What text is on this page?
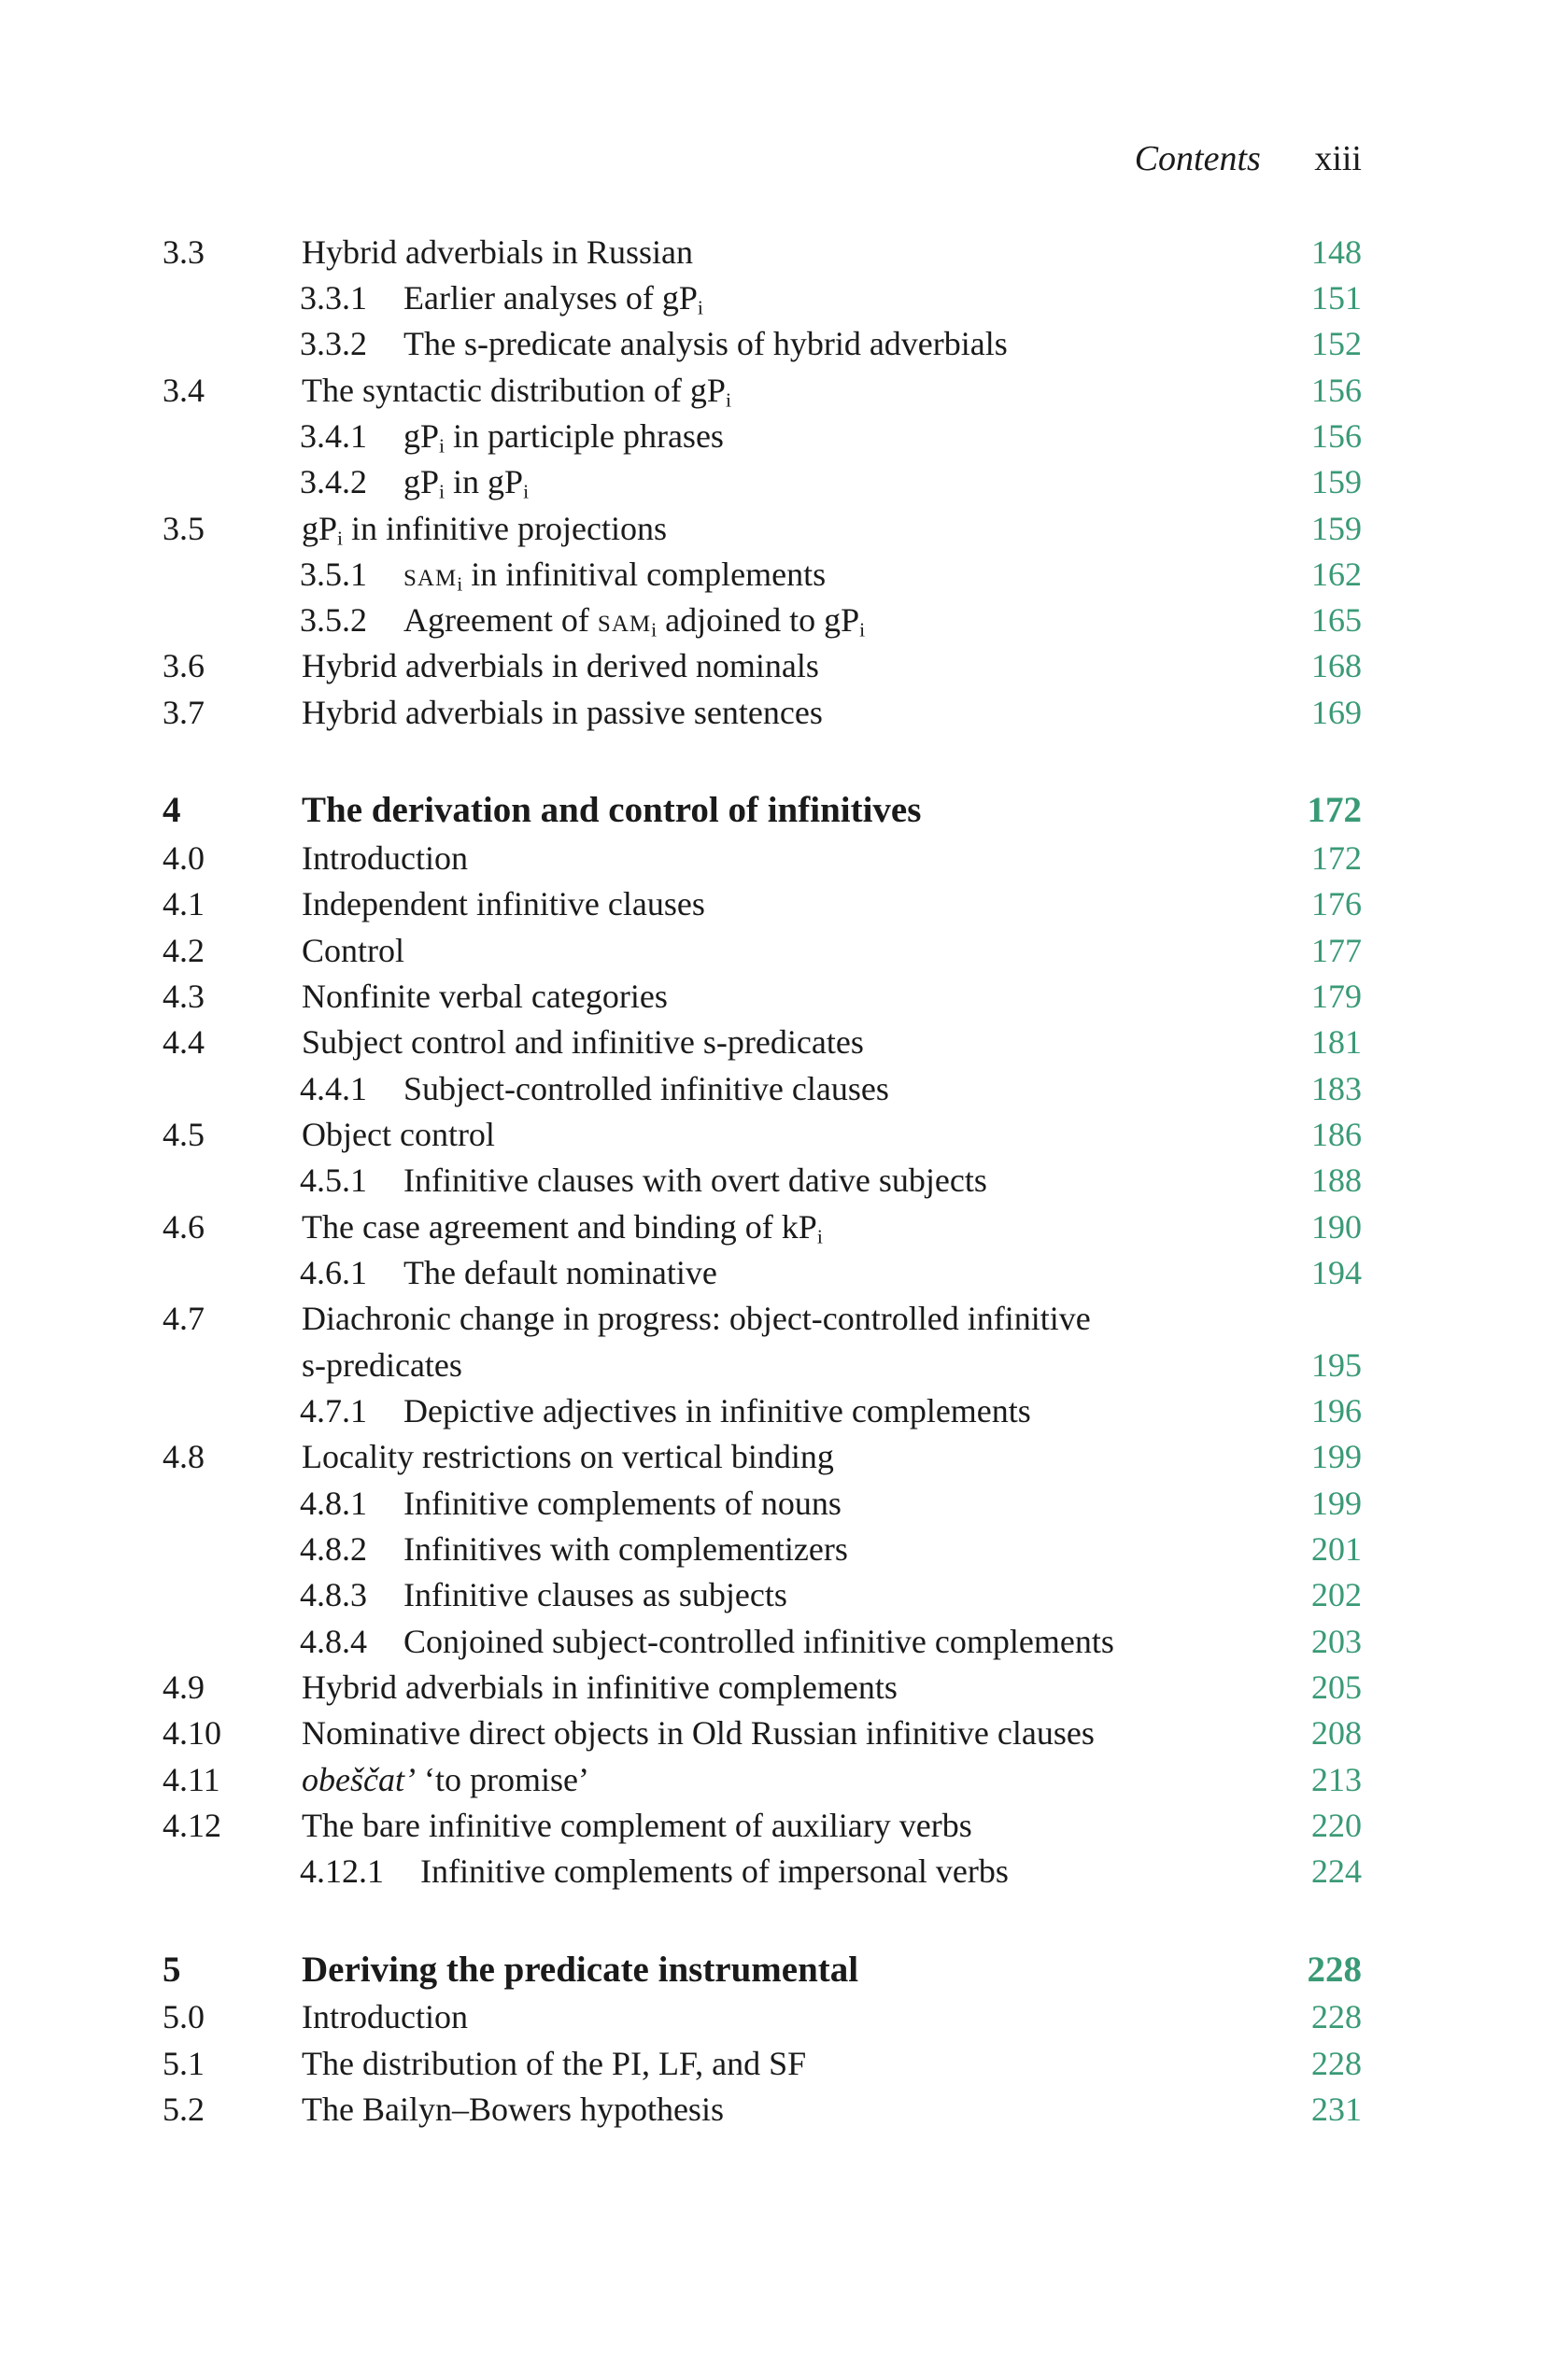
Contents xiii
3.3	Hybrid adverbials in Russian	148
3.3.1 Earlier analyses of $gP_i$	151
3.3.2 The s-predicate analysis of hybrid adverbials	152
3.4	The syntactic distribution of $gP_i$	156
3.4.1 $gP_i$ in participle phrases	156
3.4.2 $gP_i$ in $gP_i$	159
3.5	$gP_i$ in infinitive projections	159
3.5.1 sam$_i$ in infinitival complements	162
3.5.2 Agreement of sam$_i$ adjoined to $gP_i$	165
3.6	Hybrid adverbials in derived nominals	168
3.7	Hybrid adverbials in passive sentences	169
4	The derivation and control of infinitives	172
4.0	Introduction	172
4.1	Independent infinitive clauses	176
4.2	Control	177
4.3	Nonfinite verbal categories	179
4.4	Subject control and infinitive s-predicates	181
4.4.1 Subject-controlled infinitive clauses	183
4.5	Object control	186
4.5.1 Infinitive clauses with overt dative subjects	188
4.6	The case agreement and binding of $kP_i$	190
4.6.1 The default nominative	194
4.7	Diachronic change in progress: object-controlled infinitive
s-predicates	195
4.7.1 Depictive adjectives in infinitive complements	196
4.8	Locality restrictions on vertical binding	199
4.8.1 Infinitive complements of nouns	199
4.8.2 Infinitives with complementizers	201
4.8.3 Infinitive clauses as subjects	202
4.8.4 Conjoined subject-controlled infinitive complements	203
4.9	Hybrid adverbials in infinitive complements	205
4.10 Nominative direct objects in Old Russian infinitive clauses	208
4.11 obeščat’ ‘to promise’	213
4.12 The bare infinitive complement of auxiliary verbs	220
4.12.1 Infinitive complements of impersonal verbs	224
5	Deriving the predicate instrumental	228
5.0	Introduction	228
5.1	The distribution of the PI, LF, and SF	228
5.2	The Bailyn–Bowers hypothesis	231
